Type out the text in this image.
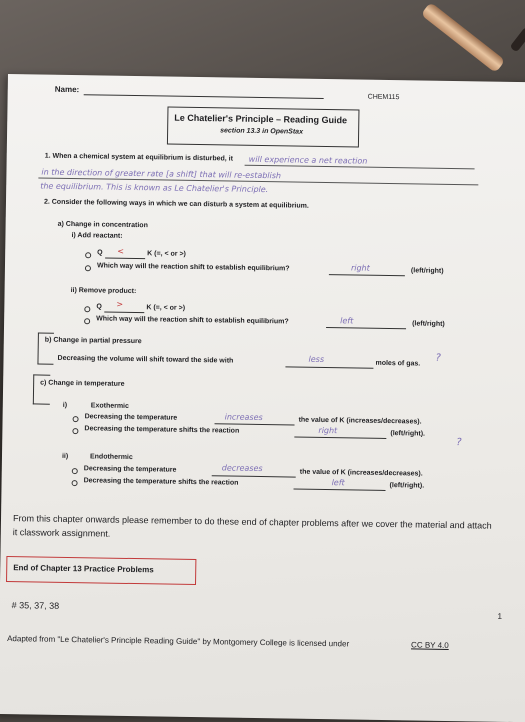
Name:
CHEM115
Le Chatelier's Principle – Reading Guide
section 13.3 in OpenStax
1. When a chemical system at equilibrium is disturbed, it will experience a net reaction
in the direction of greater rate [a shift] that will re-establish
the equilibrium. This is known as Le Chatelier's Principle.
2. Consider the following ways in which we can disturb a system at equilibrium.
a) Change in concentration
i) Add reactant:
Q <	K (=, < or >)
Which way will the reaction shift to establish equilibrium?	right	(left/right)
ii) Remove product:
Q >	K (=, < or >)
Which way will the reaction shift to establish equilibrium?	left	(left/right)
b) Change in partial pressure
Decreasing the volume will shift toward the side with	less	moles of gas. ?
c) Change in temperature
i)	Exothermic
Decreasing the temperature	increases	the value of K (increases/decreases).
Decreasing the temperature shifts the reaction	right	(left/right).
?
ii)	Endothermic
Decreasing the temperature	decreases
the value of K (increases/decreases).
Decreasing the temperature shifts the reaction	left	(left/right).
From this chapter onwards please remember to do these end of chapter problems after we cover the material and attach it classwork assignment.
End of Chapter 13 Practice Problems
# 35, 37, 38
1
Adapted from "Le Chatelier's Principle Reading Guide" by Montgomery College is licensed under	CC BY 4.0
